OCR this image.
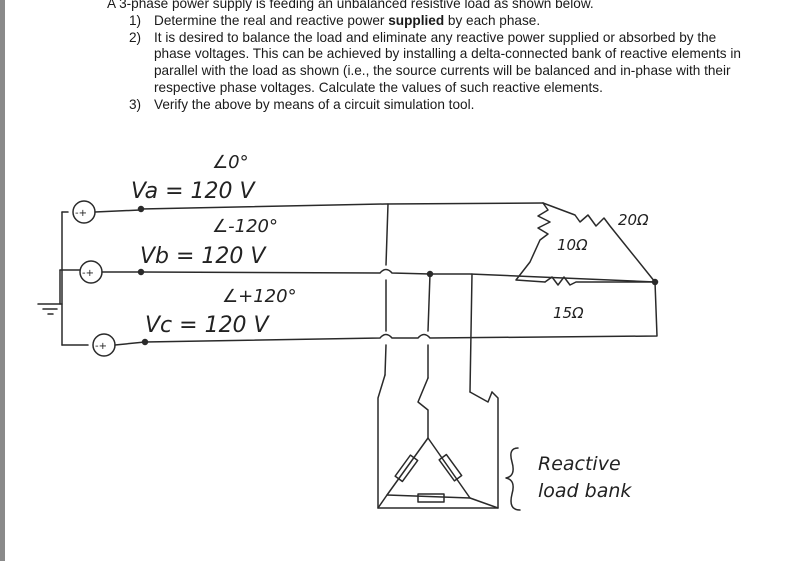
A 3-phase power supply is feeding an unbalanced resistive load as shown below.

1) Determine the real and reactive power supplied by each phase.
2) It is desired to balance the load and eliminate any reactive power supplied or absorbed by the phase voltages. This can be achieved by installing a delta-connected bank of reactive elements in parallel with the load as shown (i.e., the source currents will be balanced and in-phase with their respective phase voltages. Calculate the values of such reactive elements.
3) Verify the above by means of a circuit simulation tool.
-+
-+
-+
Va = 120 V
∠0°
Vb = 120 V
∠-120°
Vc = 120 V
∠+120°
10Ω
20Ω
15Ω
Reactive
load bank
